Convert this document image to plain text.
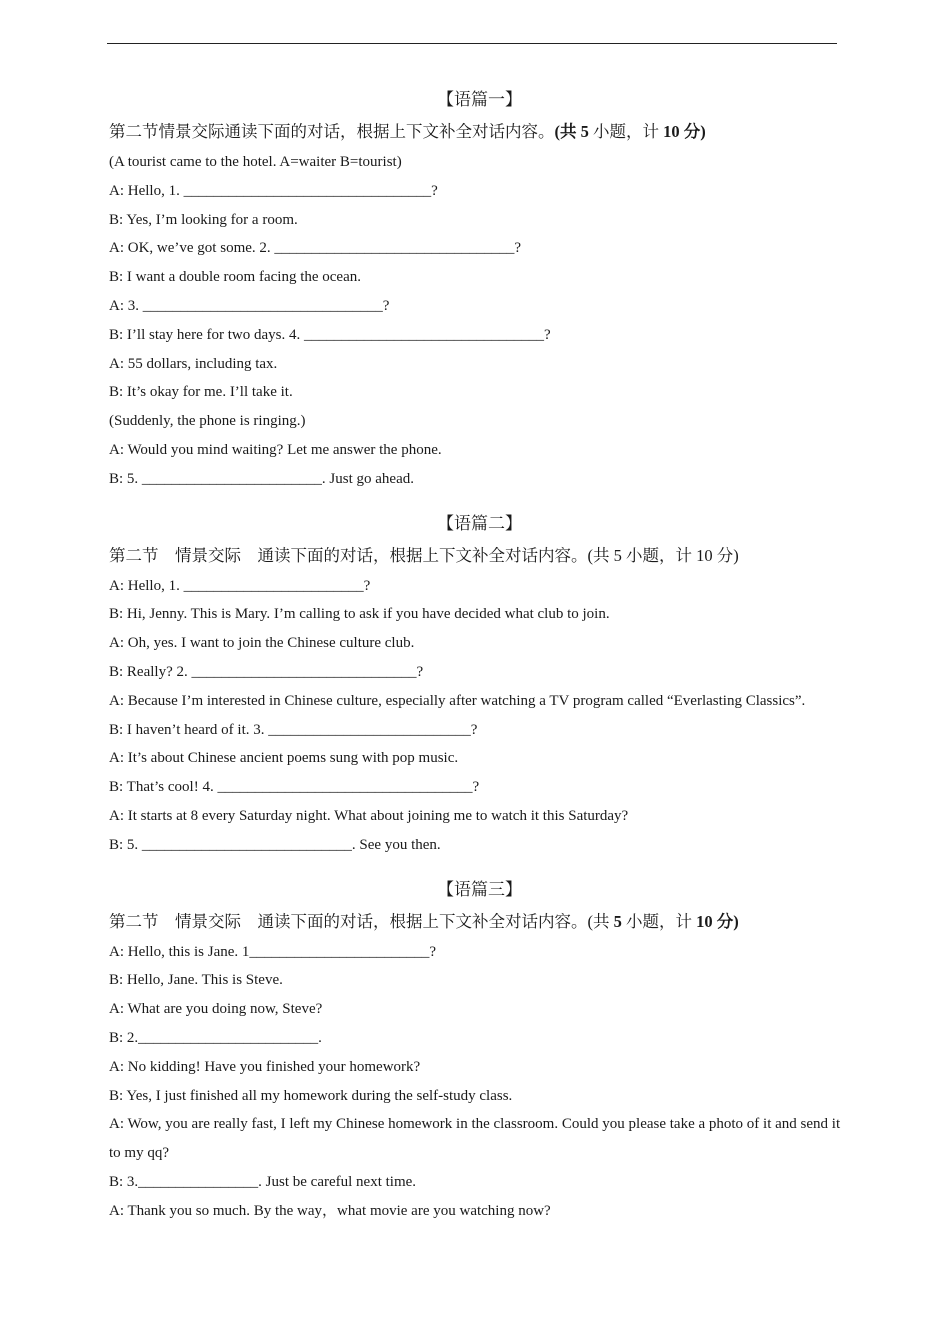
【语篇一】
第二节情景交际通读下面的对话，根据上下文补全对话内容。(共 5 小题，计 10 分)
(A tourist came to the hotel. A=waiter B=tourist)
A: Hello, 1. _________________________________?
B: Yes, I’m looking for a room.
A: OK, we’ve got some. 2. ________________________________?
B: I want a double room facing the ocean.
A: 3. ________________________________?
B: I’ll stay here for two days. 4. ________________________________?
A: 55 dollars, including tax.
B: It’s okay for me. I’ll take it.
(Suddenly, the phone is ringing.)
A: Would you mind waiting? Let me answer the phone.
B: 5. ________________________. Just go ahead.
【语篇二】
第二节　情景交际　通读下面的对话，根据上下文补全对话内容。(共 5 小题，计 10 分)
A: Hello, 1. ________________________?
B: Hi, Jenny. This is Mary. I’m calling to ask if you have decided what club to join.
A: Oh, yes. I want to join the Chinese culture club.
B: Really? 2. ______________________________?
A: Because I’m interested in Chinese culture, especially after watching a TV program called “Everlasting Classics”.
B: I haven’t heard of it. 3. ___________________________?
A: It’s about Chinese ancient poems sung with pop music.
B: That’s cool! 4. __________________________________?
A: It starts at 8 every Saturday night. What about joining me to watch it this Saturday?
B: 5. ____________________________. See you then.
【语篇三】
第二节　情景交际　通读下面的对话，根据上下文补全对话内容。(共 5 小题，计 10 分)
A: Hello, this is Jane. 1________________________?
B: Hello, Jane. This is Steve.
A: What are you doing now, Steve?
B: 2.________________________.
A: No kidding! Have you finished your homework?
B: Yes, I just finished all my homework during the self-study class.
A: Wow, you are really fast, I left my Chinese homework in the classroom. Could you please take a photo of it and send it to my qq?
B: 3.________________. Just be careful next time.
A: Thank you so much. By the way，what movie are you watching now?
